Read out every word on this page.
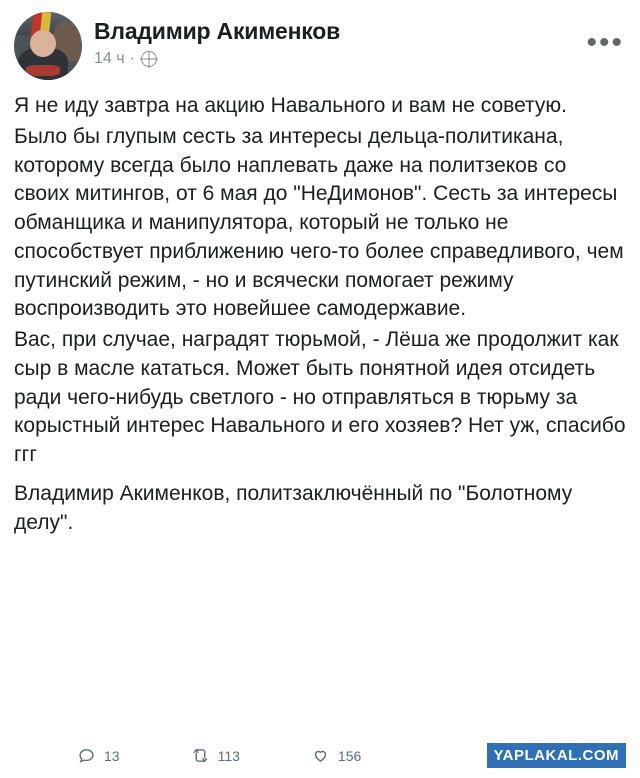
Владимир Акименков
14 ч ·	•••

Я не иду завтра на акцию Навального и вам не советую.

Было бы глупым сесть за интересы дельца-политикана, которому всегда было наплевать даже на политзеков со своих митингов, от 6 мая до "НеДимонов". Сесть за интересы обманщика и манипулятора, который не только не способствует приближению чего-то более справедливого, чем путинский режим, - но и всячески помогает режиму воспроизводить это новейшее самодержавие.

Вас, при случае, наградят тюрьмой, - Лёша же продолжит как сыр в масле кататься. Может быть понятной идея отсидеть ради чего-нибудь светлого - но отправляться в тюрьму за корыстный интерес Навального и его хозяев? Нет уж, спасибо ггг

Владимир Акименков, политзаключённый по "Болотному делу".

13	113	156	YAPLAKAL.COM
